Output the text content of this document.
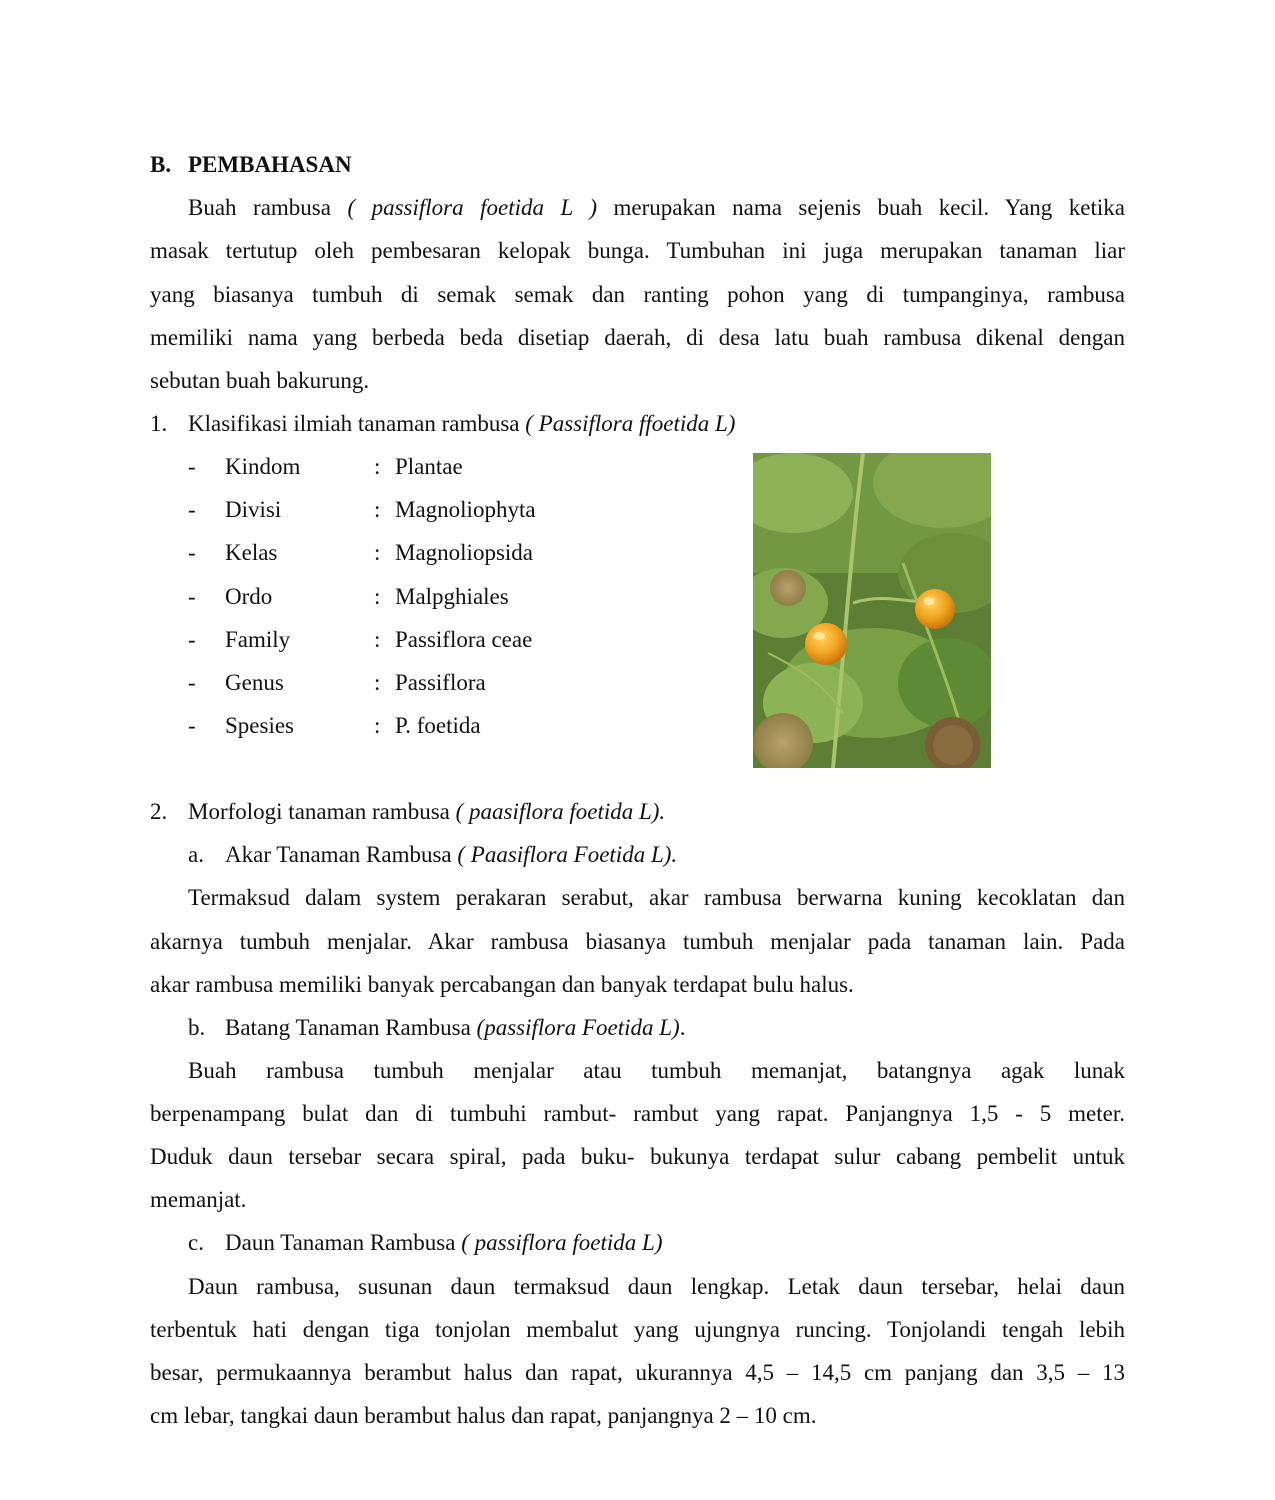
B. PEMBAHASAN
Buah rambusa ( passiflora foetida L ) merupakan nama sejenis buah kecil. Yang ketika
masak tertutup oleh pembesaran kelopak bunga. Tumbuhan ini juga merupakan tanaman liar
yang biasanya tumbuh di semak semak dan ranting pohon yang di tumpanginya, rambusa
memiliki nama yang berbeda beda disetiap daerah, di desa latu buah rambusa dikenal dengan
sebutan buah bakurung.
1. Klasifikasi ilmiah tanaman rambusa ( Passiflora ffoetida L)
- Kindom	: Plantae
- Divisi	: Magnoliophyta
- Kelas	: Magnoliopsida
- Ordo	: Malpghiales
- Family	: Passiflora ceae
- Genus	: Passiflora
- Spesies	: P. foetida
2. Morfologi tanaman rambusa ( paasiflora foetida L).
a. Akar Tanaman Rambusa ( Paasiflora Foetida L).
Termaksud dalam system perakaran serabut, akar rambusa berwarna kuning kecoklatan dan
akarnya tumbuh menjalar. Akar rambusa biasanya tumbuh menjalar pada tanaman lain. Pada
akar rambusa memiliki banyak percabangan dan banyak terdapat bulu halus.
b. Batang Tanaman Rambusa (passiflora Foetida L).
Buah rambusa tumbuh menjalar atau tumbuh memanjat, batangnya agak lunak
berpenampang bulat dan di tumbuhi rambut- rambut yang rapat. Panjangnya 1,5 - 5 meter.
Duduk daun tersebar secara spiral, pada buku- bukunya terdapat sulur cabang pembelit untuk
memanjat.
c. Daun Tanaman Rambusa ( passiflora foetida L)
Daun rambusa, susunan daun termaksud daun lengkap. Letak daun tersebar, helai daun
terbentuk hati dengan tiga tonjolan membalut yang ujungnya runcing. Tonjolandi tengah lebih
besar, permukaannya berambut halus dan rapat, ukurannya 4,5 – 14,5 cm panjang dan 3,5 – 13
cm lebar, tangkai daun berambut halus dan rapat, panjangnya 2 – 10 cm.
